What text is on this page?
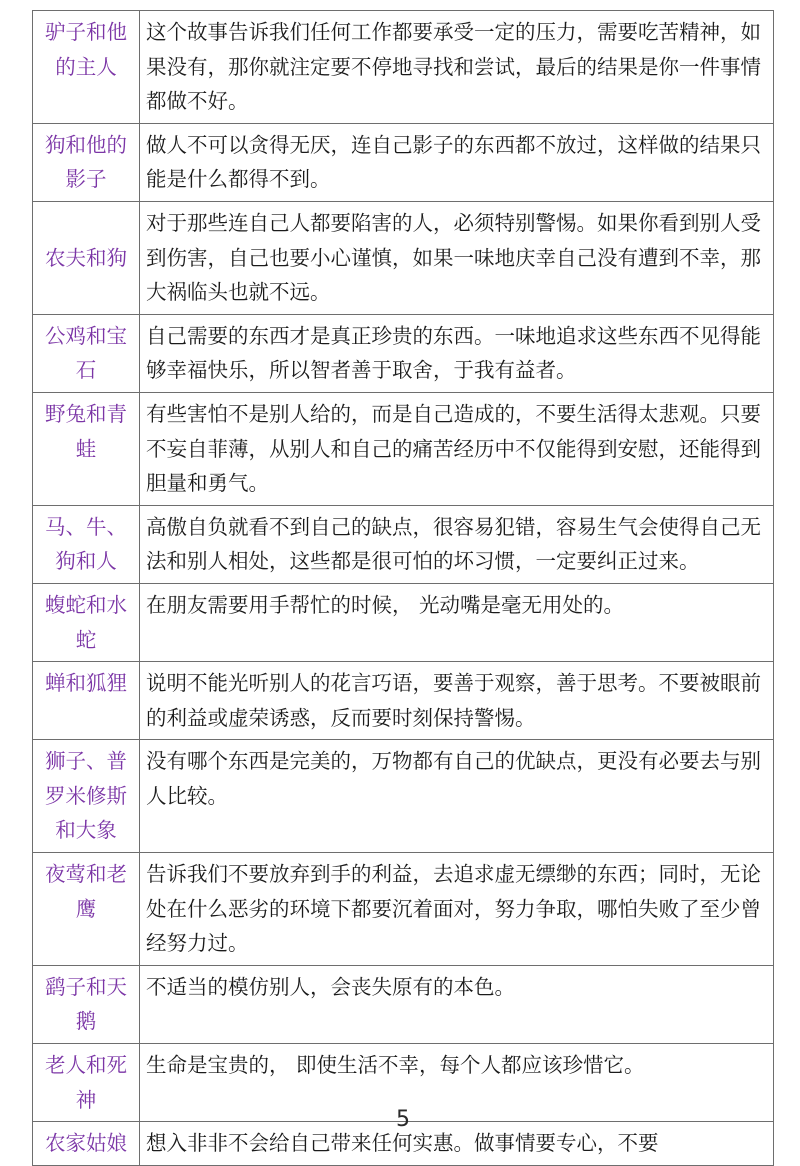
驴子和他的主人	这个故事告诉我们任何工作都要承受一定的压力，需要吃苦精神，如果没有，那你就注定要不停地寻找和尝试，最后的结果是你一件事情都做不好。
狗和他的影子	做人不可以贪得无厌，连自己影子的东西都不放过，这样做的结果只能是什么都得不到。
农夫和狗	对于那些连自己人都要陷害的人，必须特别警惕。如果你看到别人受到伤害，自己也要小心谨慎，如果一味地庆幸自己没有遭到不幸，那大祸临头也就不远。
公鸡和宝石	自己需要的东西才是真正珍贵的东西。一味地追求这些东西不见得能够幸福快乐，所以智者善于取舍，于我有益者。
野兔和青蛙	有些害怕不是别人给的，而是自己造成的，不要生活得太悲观。只要不妄自菲薄，从别人和自己的痛苦经历中不仅能得到安慰，还能得到胆量和勇气。
马、牛、狗和人	高傲自负就看不到自己的缺点，很容易犯错，容易生气会使得自己无法和别人相处，这些都是很可怕的坏习惯，一定要纠正过来。
蝮蛇和水蛇	在朋友需要用手帮忙的时候， 光动嘴是毫无用处的。
蝉和狐狸	说明不能光听别人的花言巧语，要善于观察，善于思考。不要被眼前的利益或虚荣诱惑，反而要时刻保持警惕。
狮子、普罗米修斯和大象	没有哪个东西是完美的，万物都有自己的优缺点，更没有必要去与别人比较。
夜莺和老鹰	告诉我们不要放弃到手的利益，去追求虚无缥缈的东西；同时，无论处在什么恶劣的环境下都要沉着面对，努力争取，哪怕失败了至少曾经努力过。
鹞子和天鹅	不适当的模仿别人，会丧失原有的本色。
老人和死神	生命是宝贵的， 即使生活不幸，每个人都应该珍惜它。
农家姑娘	想入非非不会给自己带来任何实惠。做事情要专心，不要
5
